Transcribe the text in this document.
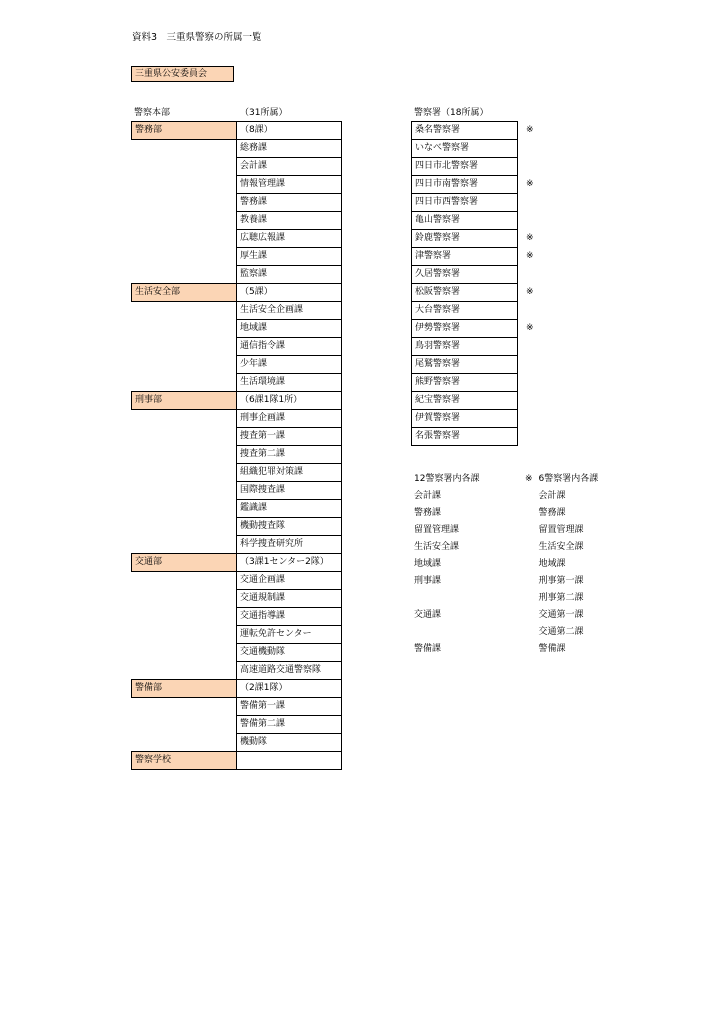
資料3　三重県警察の所属一覧
三重県公安委員会
警察本部	（31所属）	警察署（18所属）
警務部	（8課）
	総務課
	会計課
	情報管理課
	警務課
	教養課
	広聴広報課
	厚生課
	監察課
生活安全部	（5課）
	生活安全企画課
	地域課
	通信指令課
	少年課
	生活環境課
刑事部	（6課1隊1所）
	刑事企画課
	捜査第一課
	捜査第二課
	組織犯罪対策課
	国際捜査課
	鑑識課
	機動捜査隊
	科学捜査研究所
交通部	（3課1センター2隊）
	交通企画課
	交通規制課
	交通指導課
	運転免許センター
	交通機動隊
	高速道路交通警察隊
警備部	（2課1隊）
	警備第一課
	警備第二課
	機動隊
警察学校	
桑名警察署	※
いなべ警察署	
四日市北警察署	
四日市南警察署	※
四日市西警察署	
亀山警察署	
鈴鹿警察署	※
津警察署	※
久居警察署	
松阪警察署	※
大台警察署	
伊勢警察署	※
鳥羽警察署	
尾鷲警察署	
熊野警察署	
紀宝警察署	
伊賀警察署	
名張警察署	
12警察署内各課	※	6警察署内各課
会計課		会計課
警務課		警務課
留置管理課		留置管理課
生活安全課		生活安全課
地域課		地域課
刑事課		刑事第一課
		刑事第二課
交通課		交通第一課
		交通第二課
警備課		警備課
